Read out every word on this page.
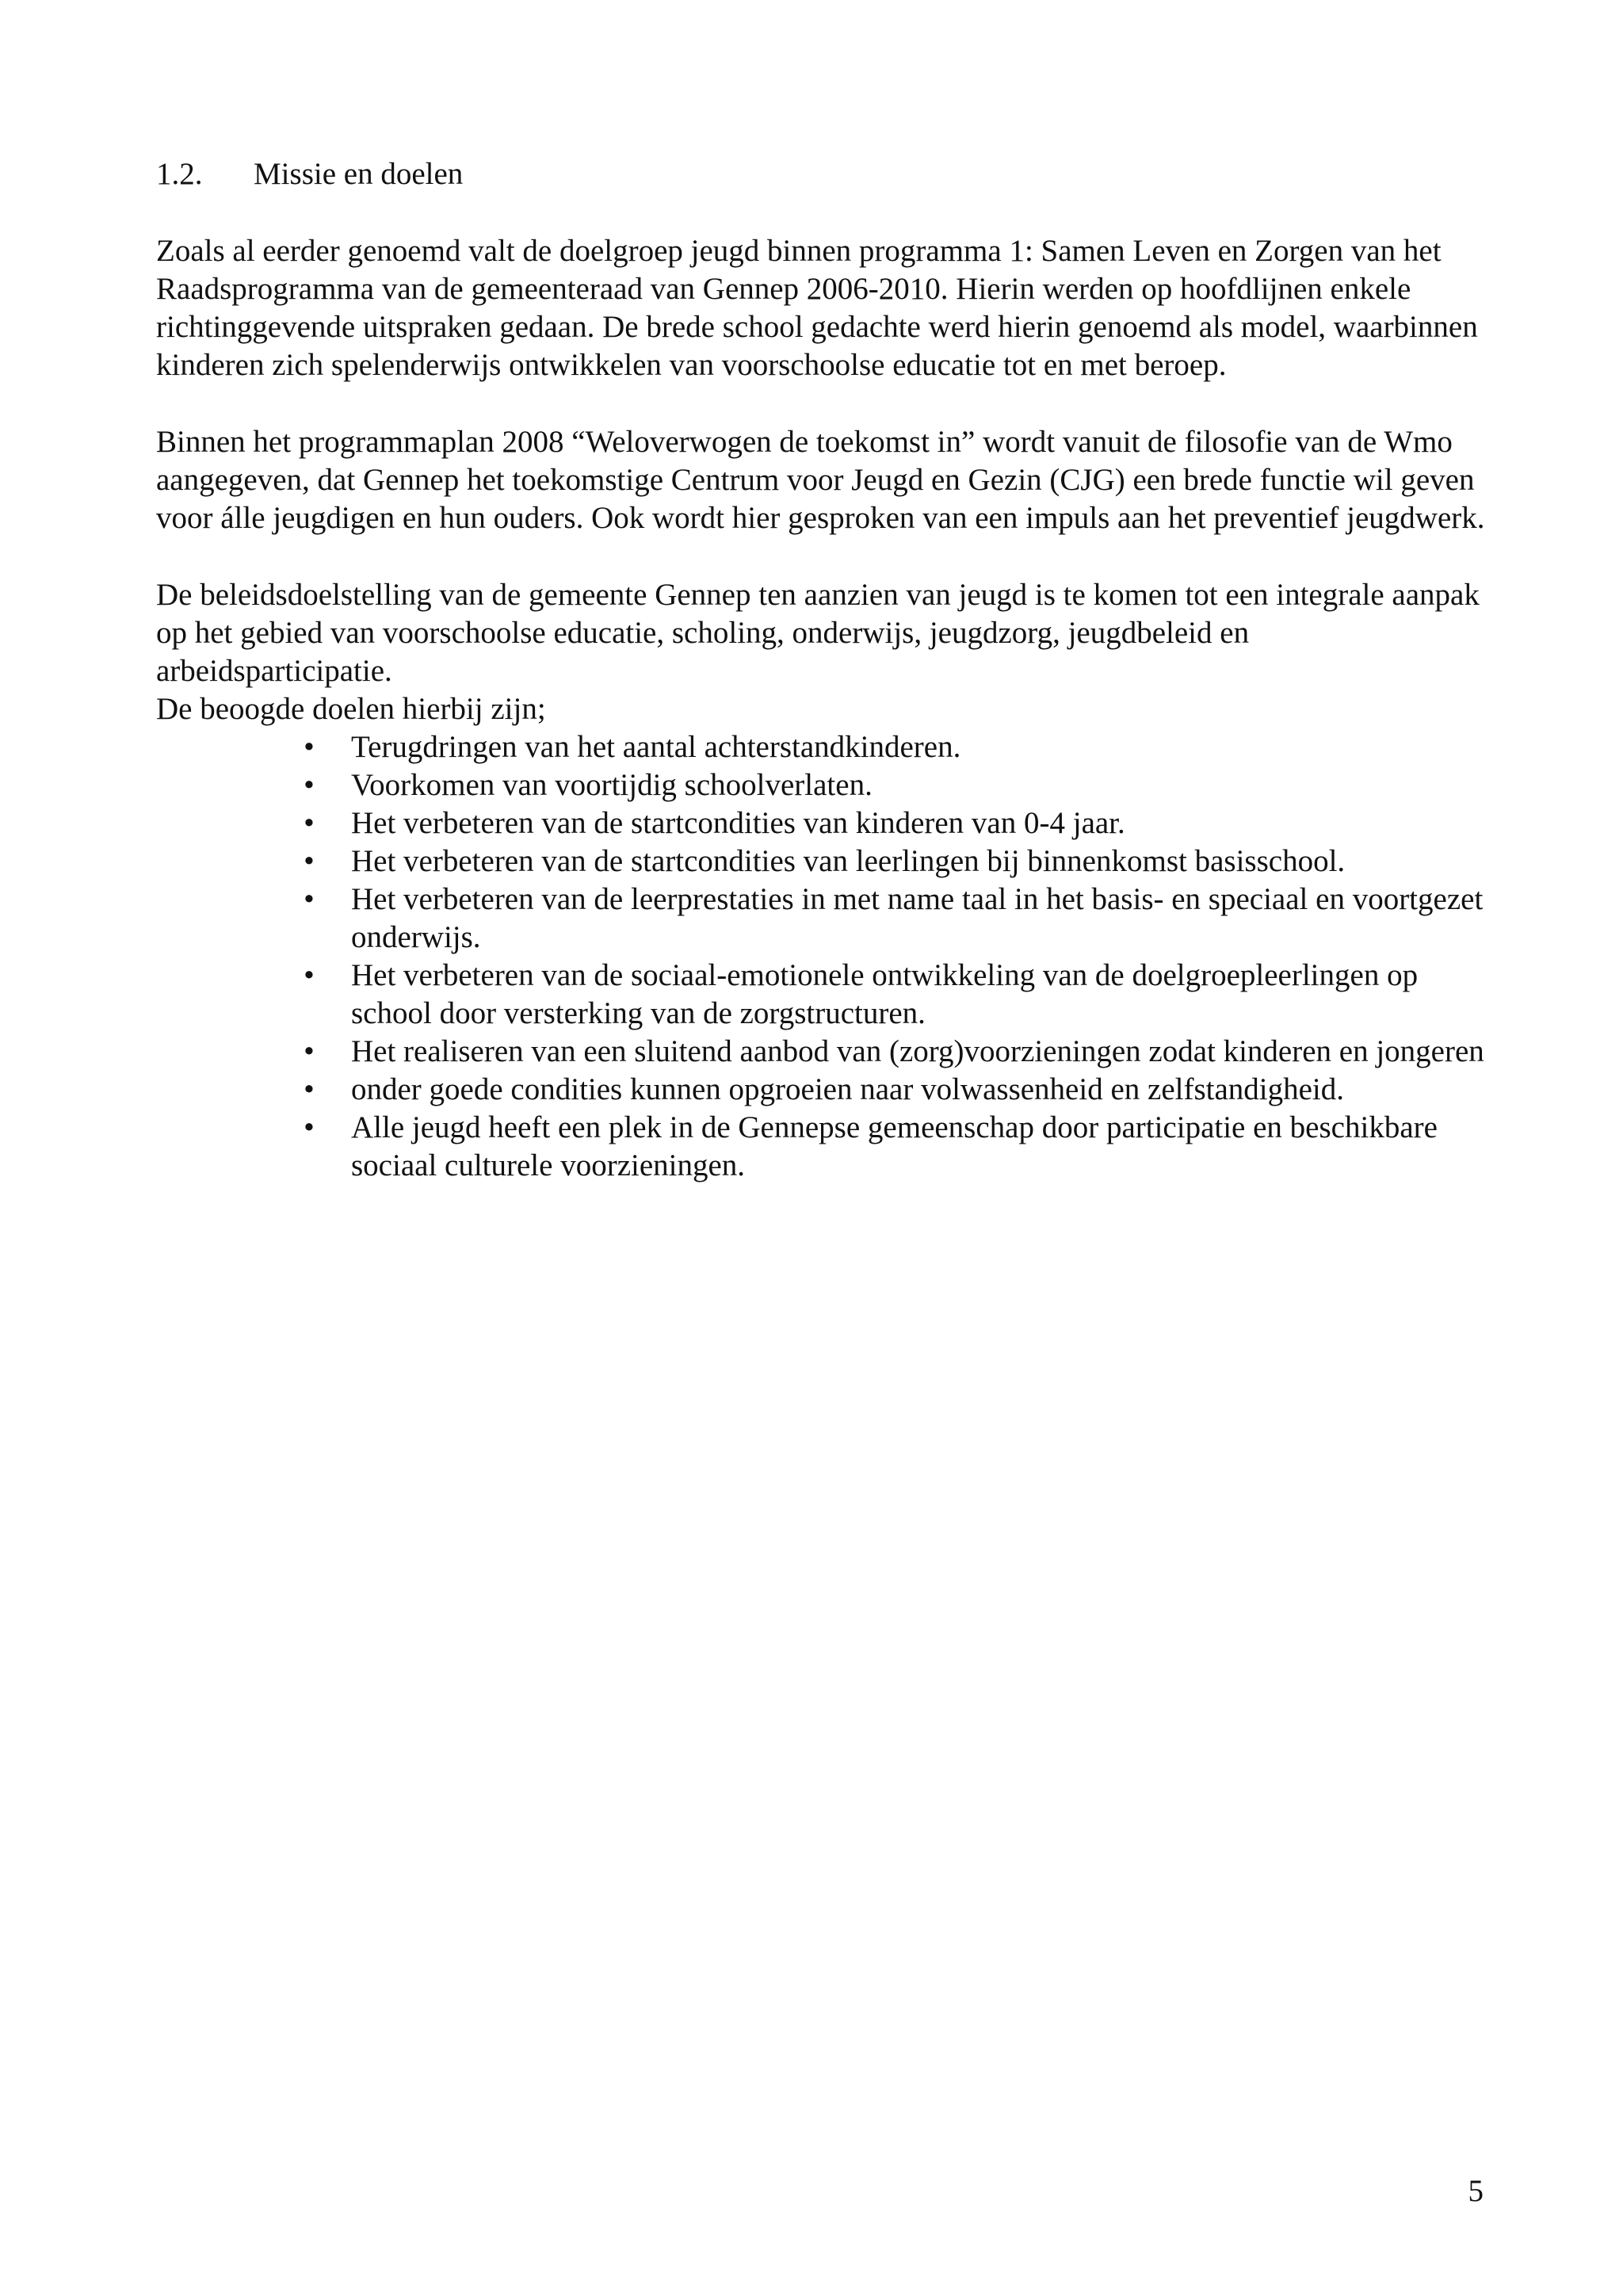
1.2.	Missie en doelen

Zoals al eerder genoemd valt de doelgroep jeugd binnen programma 1: Samen Leven en Zorgen van het Raadsprogramma van de gemeenteraad van Gennep 2006-2010. Hierin werden op hoofdlijnen enkele richtinggevende uitspraken gedaan. De brede school gedachte werd hierin genoemd als model, waarbinnen kinderen zich spelenderwijs ontwikkelen van voorschoolse educatie tot en met beroep.

Binnen het programmaplan 2008 “Weloverwogen de toekomst in” wordt vanuit de filosofie van de Wmo aangegeven, dat Gennep het toekomstige Centrum voor Jeugd en Gezin (CJG) een brede functie wil geven voor álle jeugdigen en hun ouders. Ook wordt hier gesproken van een impuls aan het preventief jeugdwerk.

De beleidsdoelstelling van de gemeente Gennep ten aanzien van jeugd is te komen tot een integrale aanpak op het gebied van voorschoolse educatie, scholing, onderwijs, jeugdzorg, jeugdbeleid en arbeidsparticipatie.

De beoogde doelen hierbij zijn;

• Terugdringen van het aantal achterstandkinderen.
• Voorkomen van voortijdig schoolverlaten.
• Het verbeteren van de startcondities van kinderen van 0-4 jaar.
• Het verbeteren van de startcondities van leerlingen bij binnenkomst basisschool.
• Het verbeteren van de leerprestaties in met name taal in het basis- en speciaal en voortgezet onderwijs.
• Het verbeteren van de sociaal-emotionele ontwikkeling van de doelgroepleerlingen op school door versterking van de zorgstructuren.
• Het realiseren van een sluitend aanbod van (zorg)voorzieningen zodat kinderen en jongeren
• onder goede condities kunnen opgroeien naar volwassenheid en zelfstandigheid.
• Alle jeugd heeft een plek in de Gennepse gemeenschap door participatie en beschikbare sociaal culturele voorzieningen.
5
